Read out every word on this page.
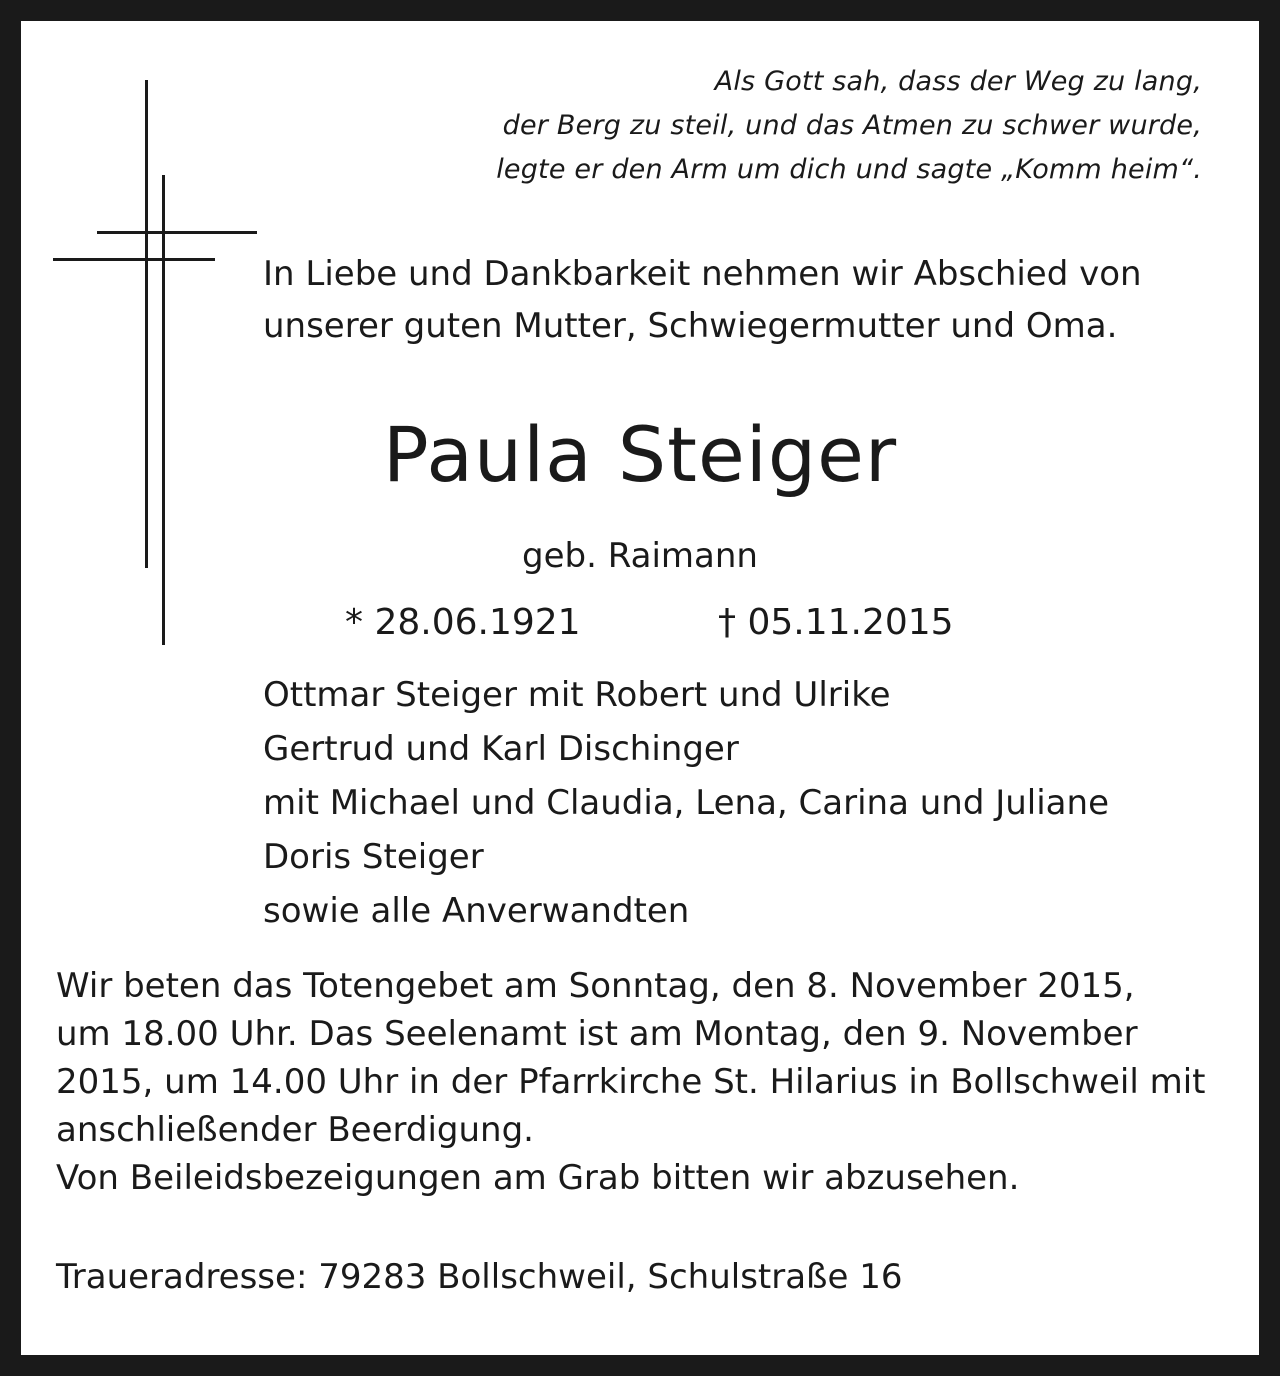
Als Gott sah, dass der Weg zu lang,
der Berg zu steil, und das Atmen zu schwer wurde,
legte er den Arm um dich und sagte „Komm heim“.
In Liebe und Dankbarkeit nehmen wir Abschied von
unserer guten Mutter, Schwiegermutter und Oma.
Paula Steiger
geb. Raimann
* 28.06.1921	† 05.11.2015
Ottmar Steiger mit Robert und Ulrike
Gertrud und Karl Dischinger
mit Michael und Claudia, Lena, Carina und Juliane
Doris Steiger
sowie alle Anverwandten
Wir beten das Totengebet am Sonntag, den 8. November 2015,
um 18.00 Uhr. Das Seelenamt ist am Montag, den 9. November
2015, um 14.00 Uhr in der Pfarrkirche St. Hilarius in Bollschweil mit
anschließender Beerdigung.
Von Beileidsbezeigungen am Grab bitten wir abzusehen.
Traueradresse: 79283 Bollschweil, Schulstraße 16
